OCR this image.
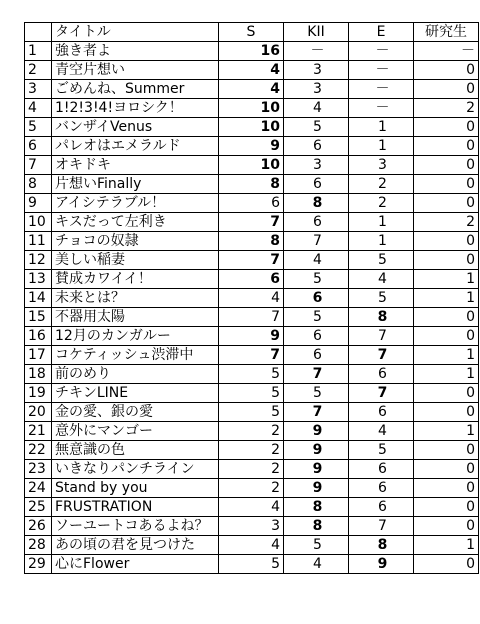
	タイトル	S	KII	E	研究生
1	強き者よ	16	－	－	－
2	青空片想い	4	3	－	0
3	ごめんね、Summer	4	3	－	0
4	1!2!3!4!ヨロシク！	10	4	－	2
5	バンザイVenus	10	5	1	0
6	パレオはエメラルド	9	6	1	0
7	オキドキ	10	3	3	0
8	片想いFinally	8	6	2	0
9	アイシテラブル！	6	8	2	0
10	キスだって左利き	7	6	1	2
11	チョコの奴隷	8	7	1	0
12	美しい稲妻	7	4	5	0
13	賛成カワイイ！	6	5	4	1
14	未来とは？	4	6	5	1
15	不器用太陽	7	5	8	0
16	12月のカンガルー	9	6	7	0
17	コケティッシュ渋滞中	7	6	7	1
18	前のめり	5	7	6	1
19	チキンLINE	5	5	7	0
20	金の愛、銀の愛	5	7	6	0
21	意外にマンゴー	2	9	4	1
22	無意識の色	2	9	5	0
23	いきなりパンチライン	2	9	6	0
24	Stand by you	2	9	6	0
25	FRUSTRATION	4	8	6	0
26	ソーユートコあるよね？	3	8	7	0
28	あの頃の君を見つけた	4	5	8	1
29	心にFlower	5	4	9	0
